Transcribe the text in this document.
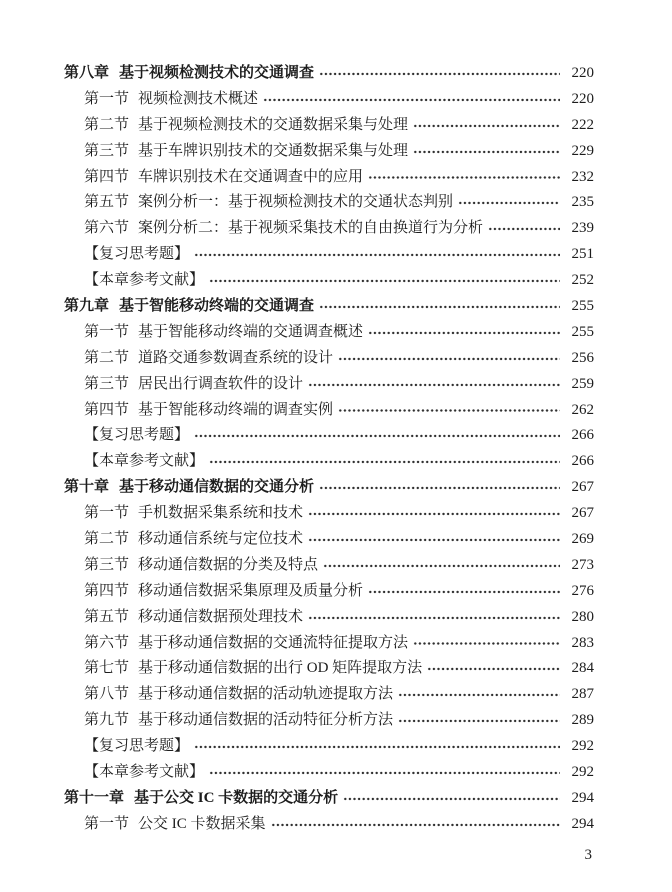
第八章 基于视频检测技术的交通调查	220
第一节 视频检测技术概述	220
第二节 基于视频检测技术的交通数据采集与处理	222
第三节 基于车牌识别技术的交通数据采集与处理	229
第四节 车牌识别技术在交通调查中的应用	232
第五节 案例分析一：基于视频检测技术的交通状态判别	235
第六节 案例分析二：基于视频采集技术的自由换道行为分析	239
【复习思考题】	251
【本章参考文献】	252
第九章 基于智能移动终端的交通调查	255
第一节 基于智能移动终端的交通调查概述	255
第二节 道路交通参数调查系统的设计	256
第三节 居民出行调查软件的设计	259
第四节 基于智能移动终端的调查实例	262
【复习思考题】	266
【本章参考文献】	266
第十章 基于移动通信数据的交通分析	267
第一节 手机数据采集系统和技术	267
第二节 移动通信系统与定位技术	269
第三节 移动通信数据的分类及特点	273
第四节 移动通信数据采集原理及质量分析	276
第五节 移动通信数据预处理技术	280
第六节 基于移动通信数据的交通流特征提取方法	283
第七节 基于移动通信数据的出行 OD 矩阵提取方法	284
第八节 基于移动通信数据的活动轨迹提取方法	287
第九节 基于移动通信数据的活动特征分析方法	289
【复习思考题】	292
【本章参考文献】	292
第十一章 基于公交 IC 卡数据的交通分析	294
第一节 公交 IC 卡数据采集	294
3
